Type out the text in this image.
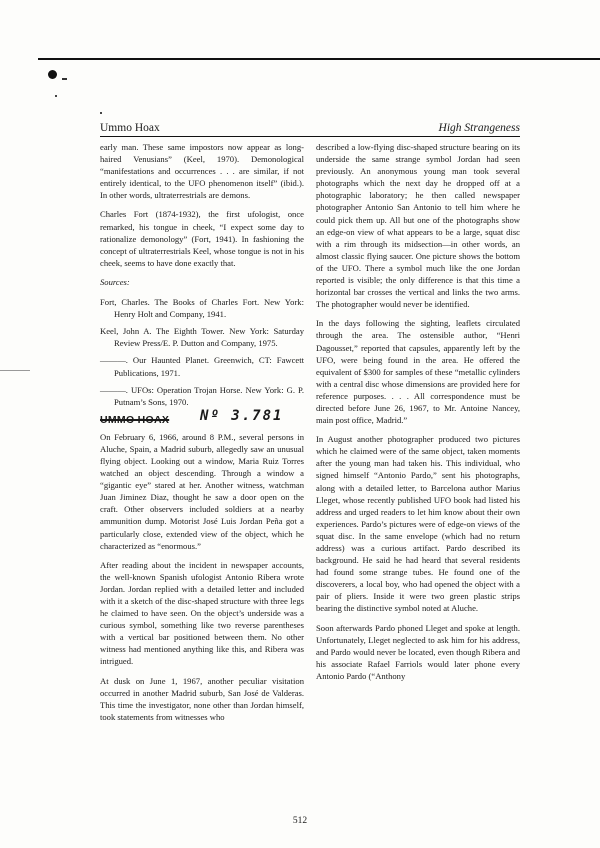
Ummo Hoax	High Strangeness

early man. These same impostors now appear as long-haired Venusians” (Keel, 1970). Demonological “manifestations and occurrences . . . are similar, if not entirely identical, to the UFO phenomenon itself” (ibid.). In other words, ultraterrestrials are demons.

Charles Fort (1874-1932), the first ufologist, once remarked, his tongue in cheek, “I expect some day to rationalize demonology” (Fort, 1941). In fashioning the concept of ultraterrestrials Keel, whose tongue is not in his cheek, seems to have done exactly that.

Sources:
Fort, Charles. The Books of Charles Fort. New York: Henry Holt and Company, 1941.
Keel, John A. The Eighth Tower. New York: Saturday Review Press/E. P. Dutton and Company, 1975.
———. Our Haunted Planet. Greenwich, CT: Fawcett Publications, 1971.
———. UFOs: Operation Trojan Horse. New York: G. P. Putnam’s Sons, 1970.
UMMO HOAX Nº 3.781

On February 6, 1966, around 8 P.M., several persons in Aluche, Spain, a Madrid suburb, allegedly saw an unusual flying object. Looking out a window, Maria Ruiz Torres watched an object descending. Through a window a “gigantic eye” stared at her. Another witness, watchman Juan Jiminez Diaz, thought he saw a door open on the craft. Other observers included soldiers at a nearby ammunition dump. Motorist José Luis Jordan Peña got a particularly close, extended view of the object, which he characterized as “enormous.”

After reading about the incident in newspaper accounts, the well-known Spanish ufologist Antonio Ribera wrote Jordan. Jordan replied with a detailed letter and included with it a sketch of the disc-shaped structure with three legs he claimed to have seen. On the object’s underside was a curious symbol, something like two reverse parentheses with a vertical bar positioned between them. No other witness had mentioned anything like this, and Ribera was intrigued.

At dusk on June 1, 1967, another peculiar visitation occurred in another Madrid suburb, San José de Valderas. This time the investigator, none other than Jordan himself, took statements from witnesses who

described a low-flying disc-shaped structure bearing on its underside the same strange symbol Jordan had seen previously. An anonymous young man took several photographs which the next day he dropped off at a photographic laboratory; he then called newspaper photographer Antonio San Antonio to tell him where he could pick them up. All but one of the photographs show an edge-on view of what appears to be a large, squat disc with a rim through its midsection—in other words, an almost classic flying saucer. One picture shows the bottom of the UFO. There a symbol much like the one Jordan reported is visible; the only difference is that this time a horizontal bar crosses the vertical and links the two arms. The photographer would never be identified.

In the days following the sighting, leaflets circulated through the area. The ostensible author, “Henri Dagousset,” reported that capsules, apparently left by the UFO, were being found in the area. He offered the equivalent of $300 for samples of these “metallic cylinders with a central disc whose dimensions are provided here for reference purposes. . . . All correspondence must be directed before June 26, 1967, to Mr. Antoine Nancey, main post office, Madrid.”

In August another photographer produced two pictures which he claimed were of the same object, taken moments after the young man had taken his. This individual, who signed himself “Antonio Pardo,” sent his photographs, along with a detailed letter, to Barcelona author Marius Lleget, whose recently published UFO book had listed his address and urged readers to let him know about their own experiences. Pardo’s pictures were of edge-on views of the squat disc. In the same envelope (which had no return address) was a curious artifact. Pardo described its background. He said he had heard that several residents had found some strange tubes. He found one of the discoverers, a local boy, who had opened the object with a pair of pliers. Inside it were two green plastic strips bearing the distinctive symbol noted at Aluche.

Soon afterwards Pardo phoned Lleget and spoke at length. Unfortunately, Lleget neglected to ask him for his address, and Pardo would never be located, even though Ribera and his associate Rafael Farriols would later phone every Antonio Pardo (“Anthony

512
